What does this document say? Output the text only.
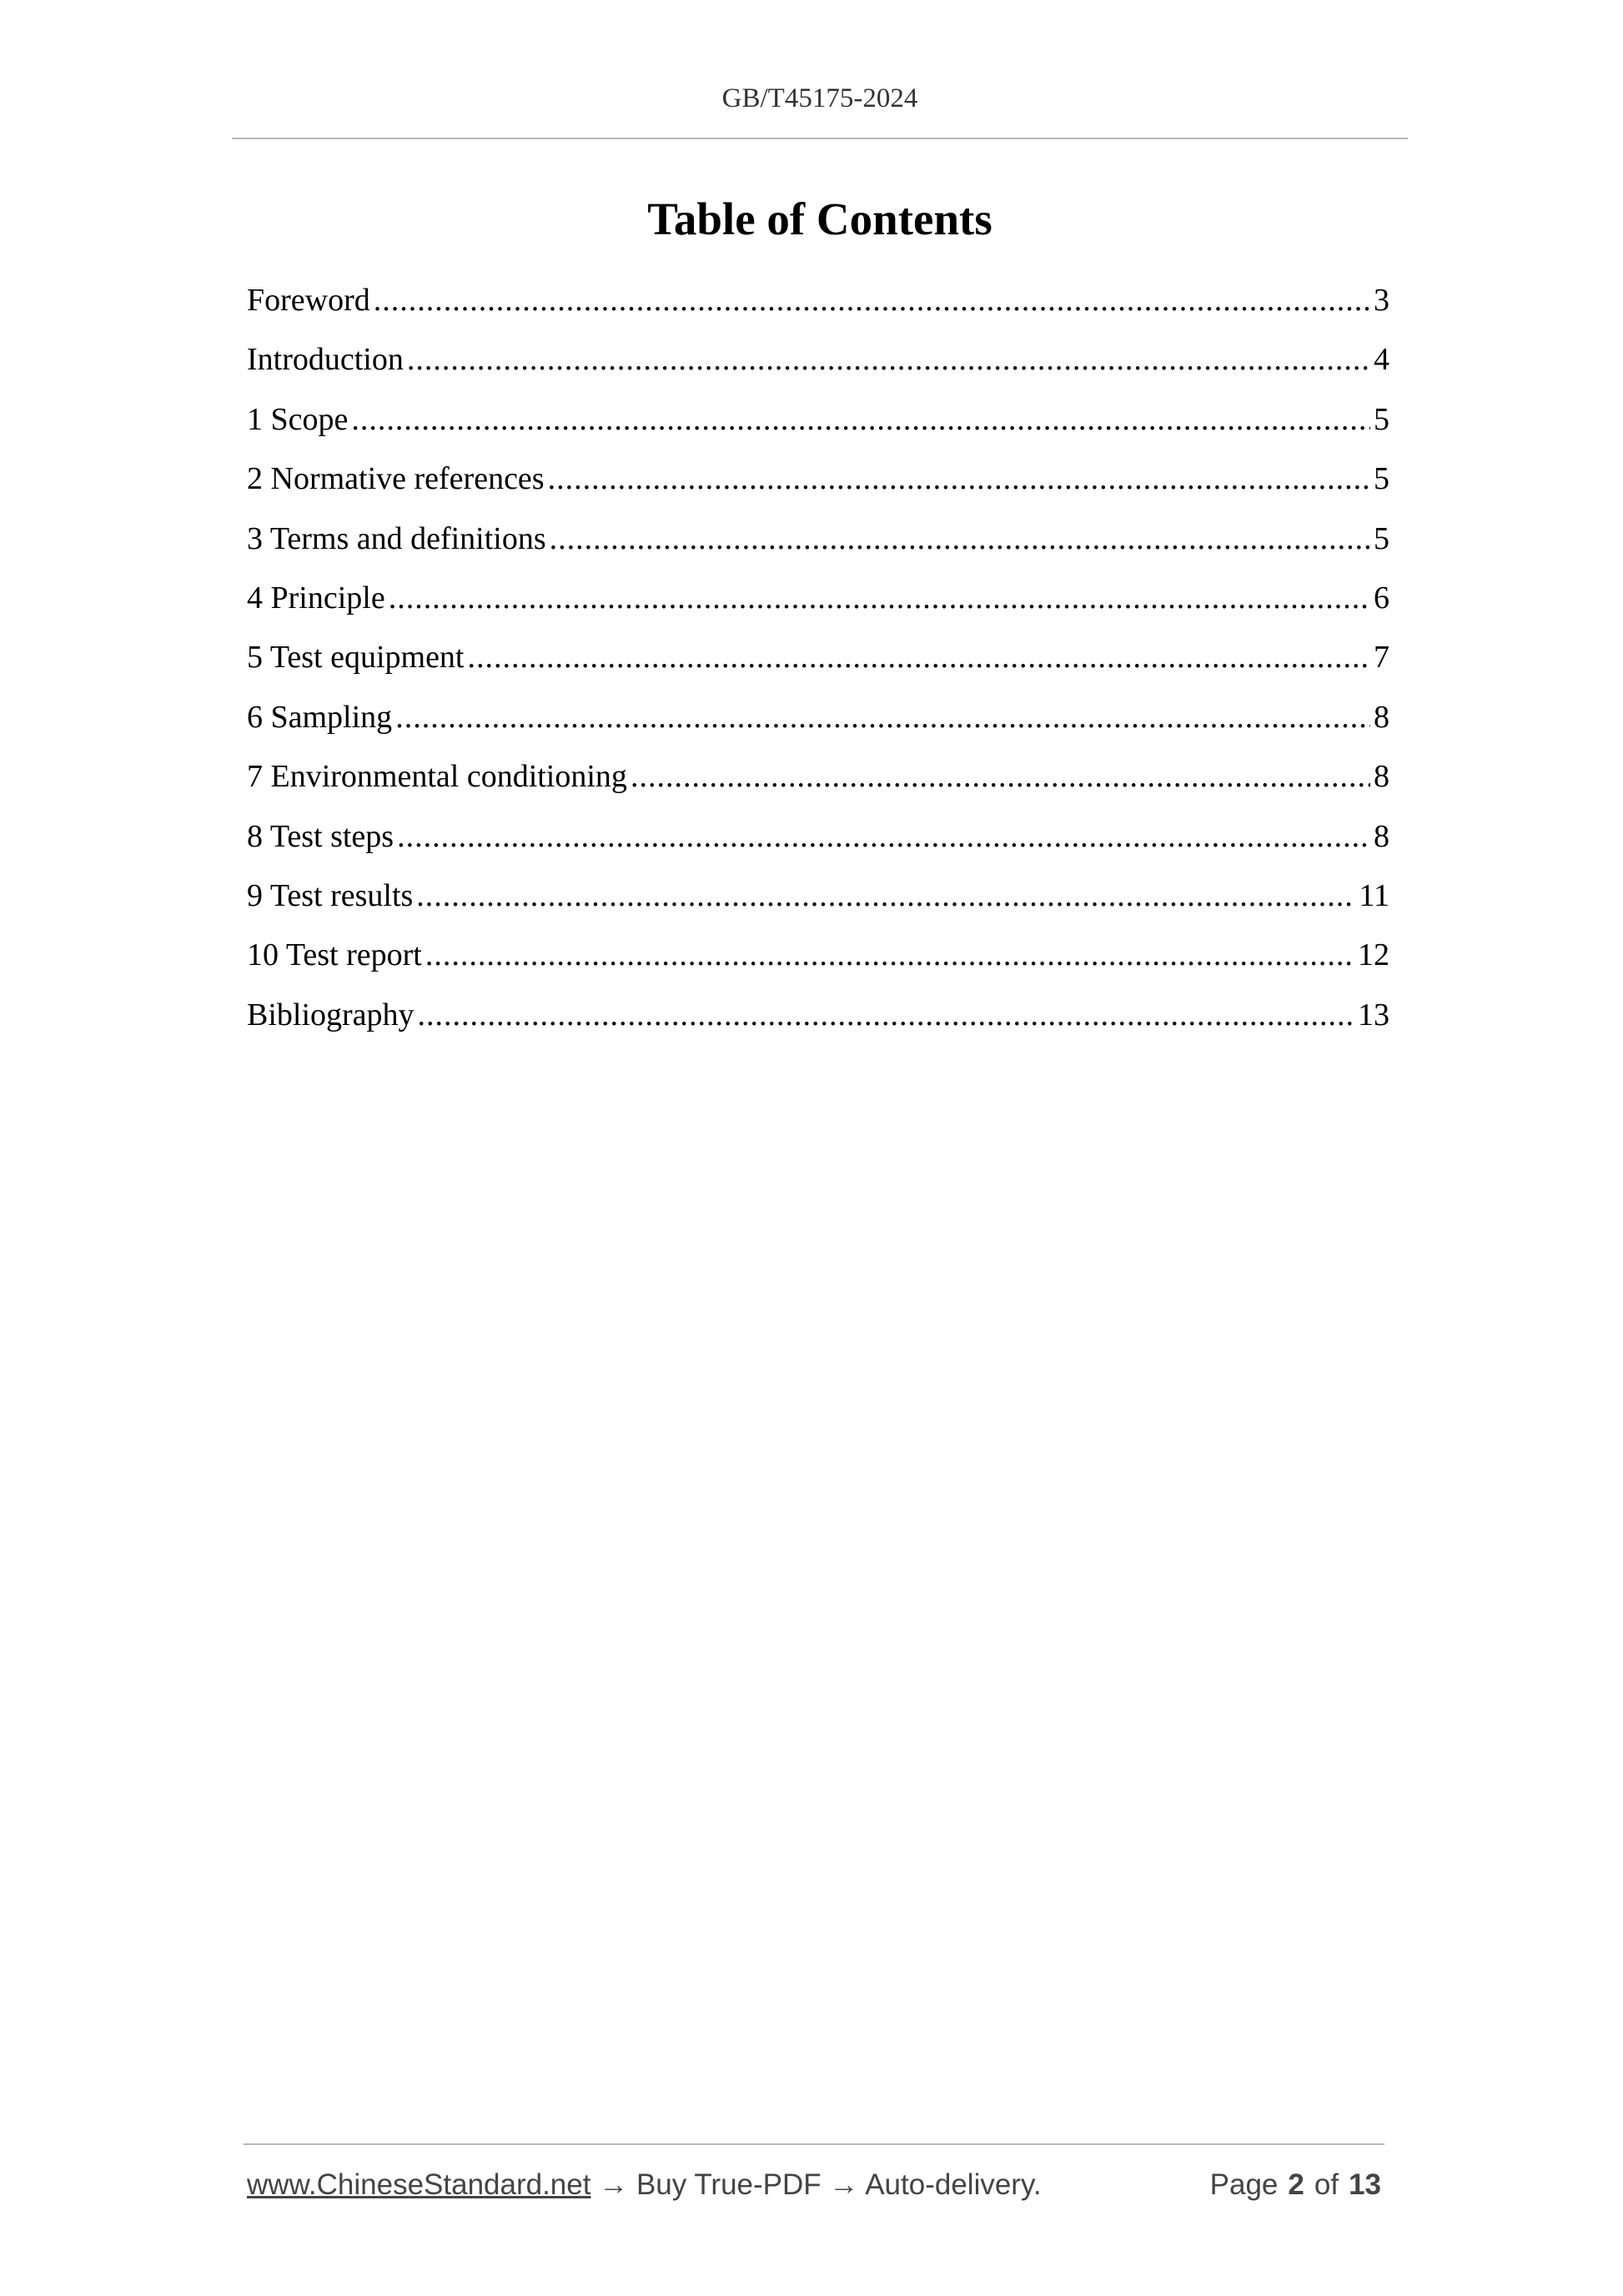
GB/T45175-2024
Table of Contents
Foreword .....	3
Introduction .....	4
1 Scope .....	5
2 Normative references .....	5
3 Terms and definitions .....	5
4 Principle .....	6
5 Test equipment .....	7
6 Sampling .....	8
7 Environmental conditioning .....	8
8 Test steps .....	8
9 Test results .....	11
10 Test report .....	12
Bibliography .....	13
www.ChineseStandard.net → Buy True-PDF → Auto-delivery.	Page 2 of 13
